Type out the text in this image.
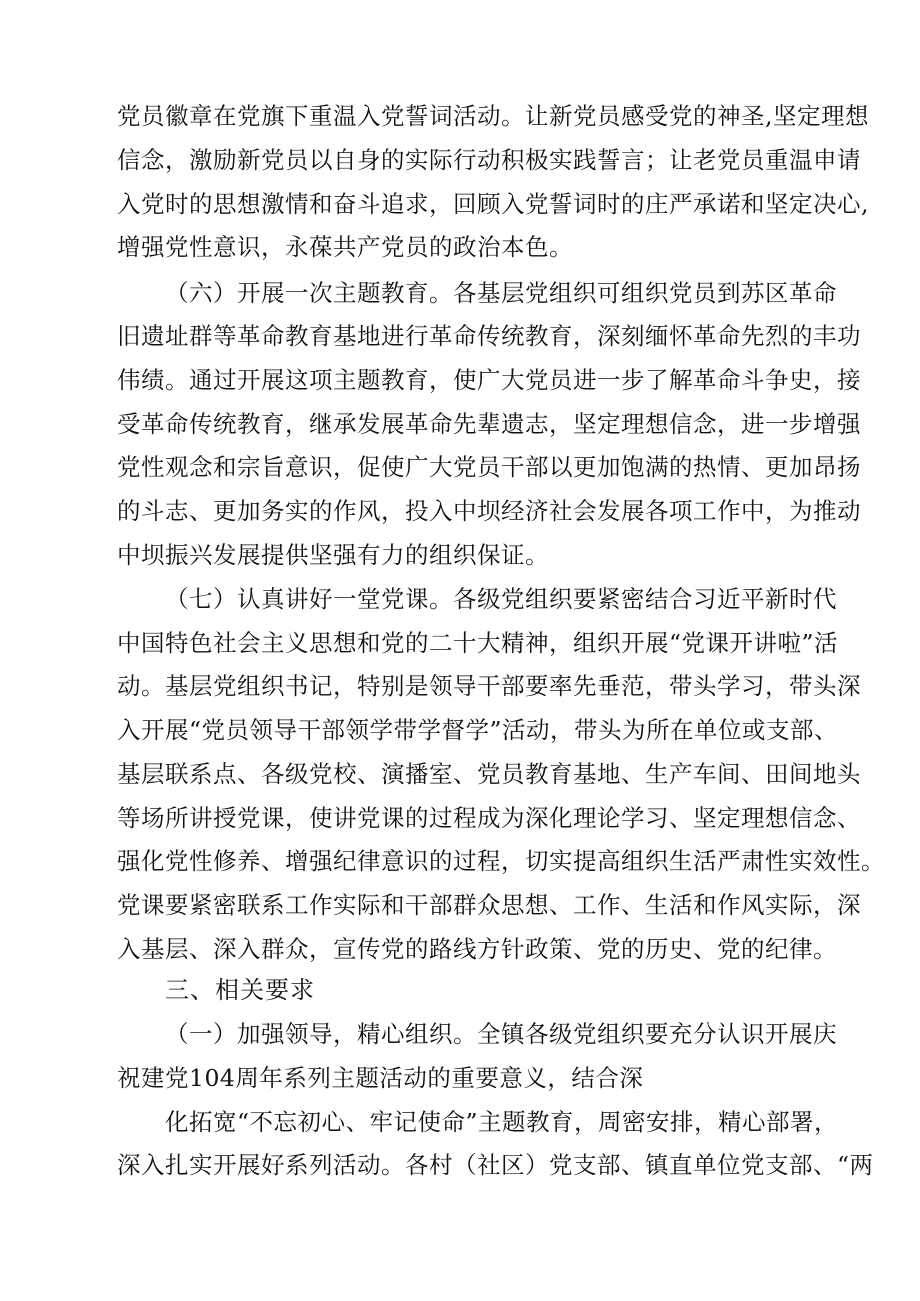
党员徽章在党旗下重温入党誓词活动。让新党员感受党的神圣,坚定理想
信念，激励新党员以自身的实际行动积极实践誓言；让老党员重温申请
入党时的思想激情和奋斗追求，回顾入党誓词时的庄严承诺和坚定决心,
增强党性意识，永葆共产党员的政治本色。
（六）开展一次主题教育。各基层党组织可组织党员到苏区革命
旧遗址群等革命教育基地进行革命传统教育，深刻缅怀革命先烈的丰功
伟绩。通过开展这项主题教育，使广大党员进一步了解革命斗争史，接
受革命传统教育，继承发展革命先辈遗志，坚定理想信念，进一步增强
党性观念和宗旨意识，促使广大党员干部以更加饱满的热情、更加昂扬
的斗志、更加务实的作风，投入中坝经济社会发展各项工作中，为推动
中坝振兴发展提供坚强有力的组织保证。
（七）认真讲好一堂党课。各级党组织要紧密结合习近平新时代
中国特色社会主义思想和党的二十大精神，组织开展“党课开讲啦”活
动。基层党组织书记，特别是领导干部要率先垂范，带头学习，带头深
入开展“党员领导干部领学带学督学”活动，带头为所在单位或支部、
基层联系点、各级党校、演播室、党员教育基地、生产车间、田间地头
等场所讲授党课，使讲党课的过程成为深化理论学习、坚定理想信念、
强化党性修养、增强纪律意识的过程，切实提高组织生活严肃性实效性。
党课要紧密联系工作实际和干部群众思想、工作、生活和作风实际，深
入基层、深入群众，宣传党的路线方针政策、党的历史、党的纪律。
三、相关要求
（一）加强领导，精心组织。全镇各级党组织要充分认识开展庆
祝建党104周年系列主题活动的重要意义，结合深
化拓宽“不忘初心、牢记使命”主题教育，周密安排，精心部署，
深入扎实开展好系列活动。各村（社区）党支部、镇直单位党支部、“两
